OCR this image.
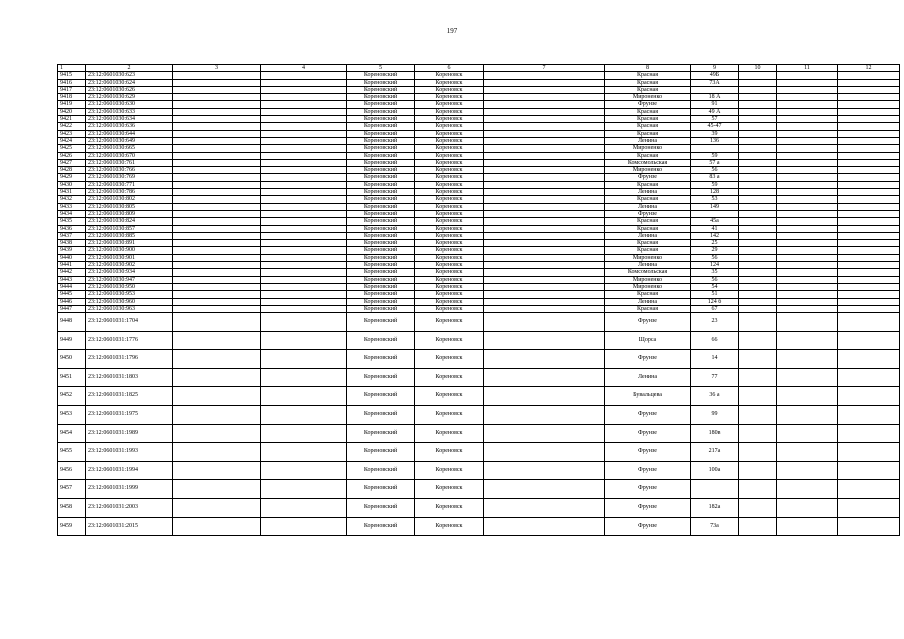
197
1	2	3	4	5	6	7	8	9	10	11	12
9415	23:12:0601030:623			Кореновский	Кореновск		Красная	49Б			
9416	23:12:0601030:624			Кореновский	Кореновск		Красная	73А			
9417	23:12:0601030:626			Кореновский	Кореновск		Красная				
9418	23:12:0601030:629			Кореновский	Кореновск		Мироненко	18 А			
9419	23:12:0601030:630			Кореновский	Кореновск		Фрунзе	91			
9420	23:12:0601030:633			Кореновский	Кореновск		Красная	49 А			
9421	23:12:0601030:634			Кореновский	Кореновск		Красная	57			
9422	23:12:0601030:636			Кореновский	Кореновск		Красная	45-47			
9423	23:12:0601030:644			Кореновский	Кореновск		Красная	39			
9424	23:12:0601030:649			Кореновский	Кореновск		Ленина	136			
9425	23:12:0601030:665			Кореновский	Кореновск		Мироненко				
9426	23:12:0601030:670			Кореновский	Кореновск		Красная	59			
9427	23:12:0601030:761			Кореновский	Кореновск		Комсомольская	57 а			
9428	23:12:0601030:766			Кореновский	Кореновск		Мироненко	56			
9429	23:12:0601030:769			Кореновский	Кореновск		Фрунзе	83 а			
9430	23:12:0601030:771			Кореновский	Кореновск		Красная	59			
9431	23:12:0601030:786			Кореновский	Кореновск		Ленина	128			
9432	23:12:0601030:802			Кореновский	Кореновск		Красная	53			
9433	23:12:0601030:805			Кореновский	Кореновск		Ленина	149			
9434	23:12:0601030:809			Кореновский	Кореновск		Фрунзе				
9435	23:12:0601030:824			Кореновский	Кореновск		Красная	45а			
9436	23:12:0601030:857			Кореновский	Кореновск		Красная	41			
9437	23:12:0601030:885			Кореновский	Кореновск		Ленина	142			
9438	23:12:0601030:891			Кореновский	Кореновск		Красная	25			
9439	23:12:0601030:900			Кореновский	Кореновск		Красная	29			
9440	23:12:0601030:901			Кореновский	Кореновск		Мироненко	56			
9441	23:12:0601030:902			Кореновский	Кореновск		Ленина	124			
9442	23:12:0601030:934			Кореновский	Кореновск		Комсомольская	35			
9443	23:12:0601030:947			Кореновский	Кореновск		Мироненко	56			
9444	23:12:0601030:950			Кореновский	Кореновск		Мироненко	54			
9445	23:12:0601030:953			Кореновский	Кореновск		Красная	51			
9446	23:12:0601030:960			Кореновский	Кореновск		Ленина	124 б			
9447	23:12:0601030:963			Кореновский	Кореновск		Красная	67			
9448	23:12:0601031:1704			Кореновский	Кореновск		Фрунзе	23			
9449	23:12:0601031:1776			Кореновский	Кореновск		Щорса	66			
9450	23:12:0601031:1796			Кореновский	Кореновск		Фрунзе	14			
9451	23:12:0601031:1803			Кореновский	Кореновск		Ленина	77			
9452	23:12:0601031:1825			Кореновский	Кореновск		Бувальцева	36 а			
9453	23:12:0601031:1975			Кореновский	Кореновск		Фрунзе	99			
9454	23:12:0601031:1989			Кореновский	Кореновск		Фрунзе	180в			
9455	23:12:0601031:1993			Кореновский	Кореновск		Фрунзе	217а			
9456	23:12:0601031:1994			Кореновский	Кореновск		Фрунзе	100а			
9457	23:12:0601031:1999			Кореновский	Кореновск		Фрунзе				
9458	23:12:0601031:2003			Кореновский	Кореновск		Фрунзе	182а			
9459	23:12:0601031:2015			Кореновский	Кореновск		Фрунзе	73а			
